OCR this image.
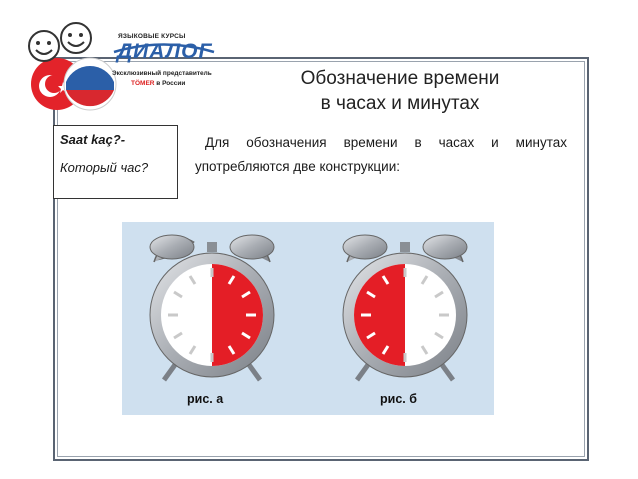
ЯЗЫКОВЫЕ КУРСЫ
ДИАЛОГ
Эксклюзивный представитель
TÖMER в России	Обозначение времени
в часах и минутах
Saat kaç?-
Который час?
Для обозначения времени в часах и минутах употребляются две конструкции:
рис. а	рис. б
